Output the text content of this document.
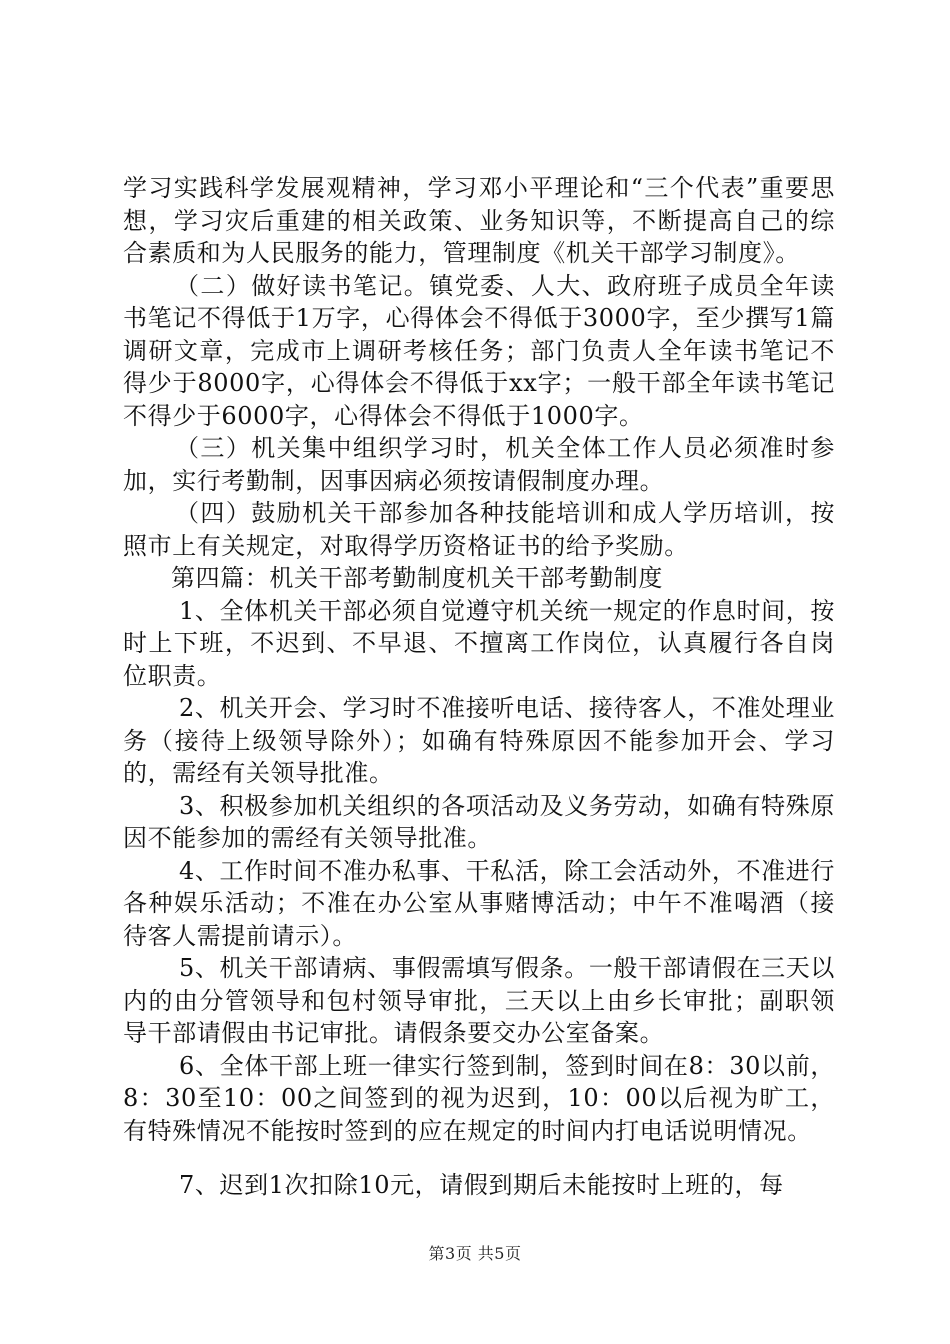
学习实践科学发展观精神，学习邓小平理论和“三个代表”重要思想，学习灾后重建的相关政策、业务知识等，不断提高自己的综合素质和为人民服务的能力，管理制度《机关干部学习制度》。

（二）做好读书笔记。镇党委、人大、政府班子成员全年读书笔记不得低于1万字，心得体会不得低于3000字，至少撰写1篇调研文章，完成市上调研考核任务；部门负责人全年读书笔记不得少于8000字，心得体会不得低于xx字；一般干部全年读书笔记不得少于6000字，心得体会不得低于1000字。

（三）机关集中组织学习时，机关全体工作人员必须准时参加，实行考勤制，因事因病必须按请假制度办理。

（四）鼓励机关干部参加各种技能培训和成人学历培训，按照市上有关规定，对取得学历资格证书的给予奖励。

第四篇：机关干部考勤制度机关干部考勤制度

1、全体机关干部必须自觉遵守机关统一规定的作息时间，按时上下班，不迟到、不早退、不擅离工作岗位，认真履行各自岗位职责。

2、机关开会、学习时不准接听电话、接待客人，不准处理业务（接待上级领导除外）；如确有特殊原因不能参加开会、学习的，需经有关领导批准。

3、积极参加机关组织的各项活动及义务劳动，如确有特殊原因不能参加的需经有关领导批准。

4、工作时间不准办私事、干私活，除工会活动外，不准进行各种娱乐活动；不准在办公室从事赌博活动；中午不准喝酒（接待客人需提前请示）。

5、机关干部请病、事假需填写假条。一般干部请假在三天以内的由分管领导和包村领导审批，三天以上由乡长审批；副职领导干部请假由书记审批。请假条要交办公室备案。

6、全体干部上班一律实行签到制，签到时间在8：30以前，8：30至10：00之间签到的视为迟到，10：00以后视为旷工，有特殊情况不能按时签到的应在规定的时间内打电话说明情况。

7、迟到1次扣除10元，请假到期后未能按时上班的，每

第3页 共5页
